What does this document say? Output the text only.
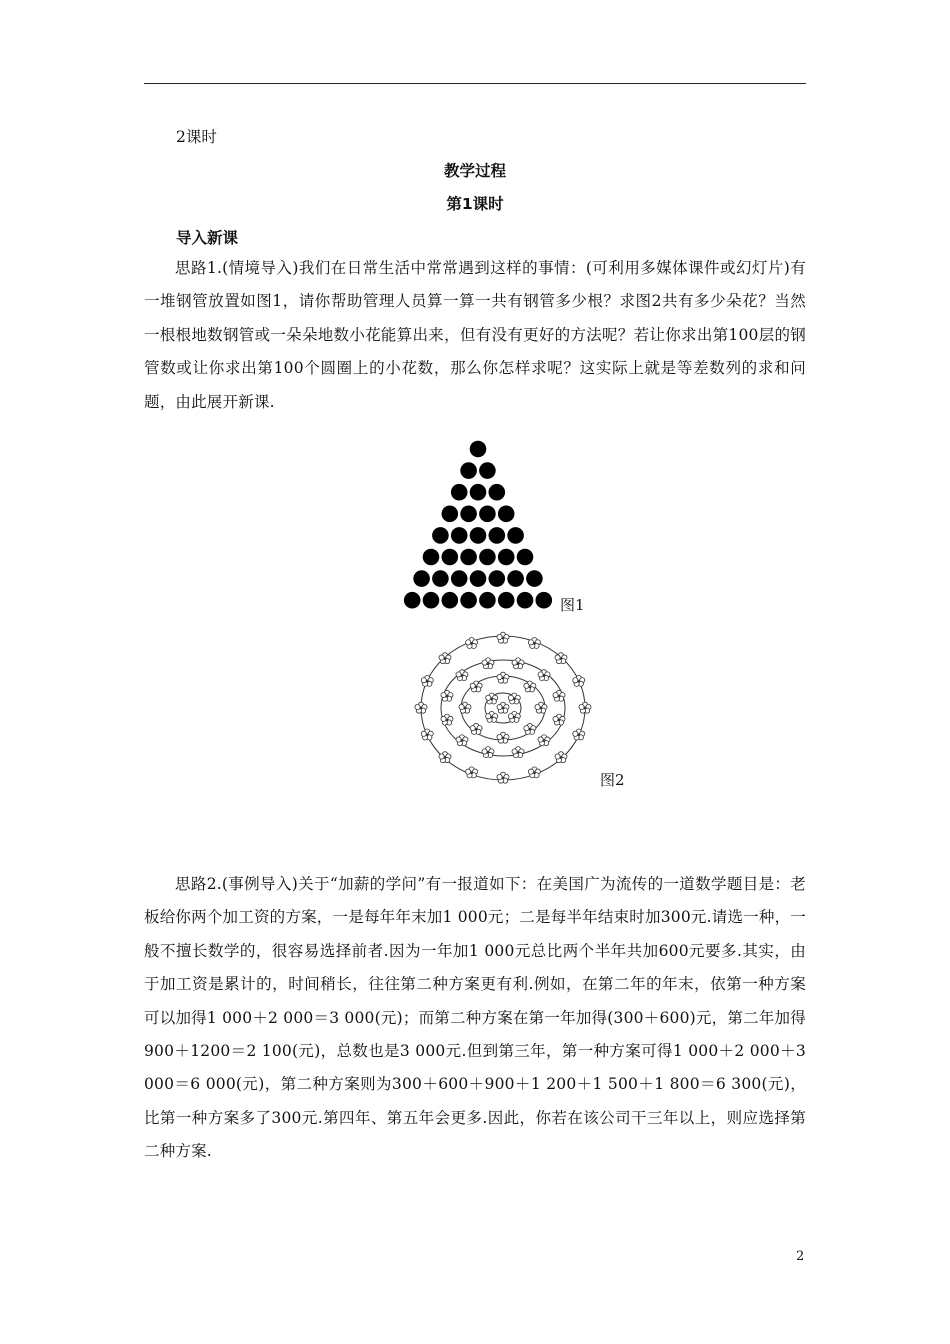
2课时
教学过程
第1课时
导入新课
思路1.(情境导入)我们在日常生活中常常遇到这样的事情：(可利用多媒体课件或幻灯片)有一堆钢管放置如图1，请你帮助管理人员算一算一共有钢管多少根？求图2共有多少朵花？当然一根根地数钢管或一朵朵地数小花能算出来，但有没有更好的方法呢？若让你求出第100层的钢管数或让你求出第100个圆圈上的小花数，那么你怎样求呢？这实际上就是等差数列的求和问题，由此展开新课.
图1
图2
思路2.(事例导入)关于“加薪的学问”有一报道如下：在美国广为流传的一道数学题目是：老板给你两个加工资的方案，一是每年年末加1 000元；二是每半年结束时加300元.请选一种，一般不擅长数学的，很容易选择前者.因为一年加1 000元总比两个半年共加600元要多.其实，由于加工资是累计的，时间稍长，往往第二种方案更有利.例如，在第二年的年末，依第一种方案可以加得1 000＋2 000＝3 000(元)；而第二种方案在第一年加得(300＋600)元，第二年加得900＋1200＝2 100(元)，总数也是3 000元.但到第三年，第一种方案可得1 000＋2 000＋3 000＝6 000(元)，第二种方案则为300＋600＋900＋1 200＋1 500＋1 800＝6 300(元)，比第一种方案多了300元.第四年、第五年会更多.因此，你若在该公司干三年以上，则应选择第二种方案.
2
